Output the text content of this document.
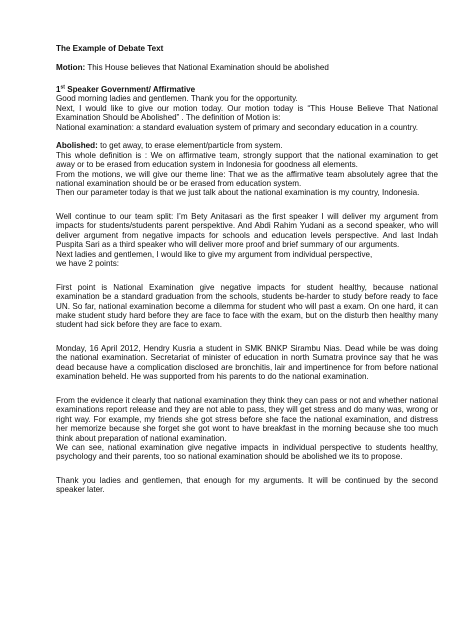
The Example of Debate Text

Motion: This House believes that National Examination should be abolished

1st Speaker Government/ Affirmative

Good morning ladies and gentlemen. Thank you for the opportunity.

Next, I would like to give our motion today. Our motion today is “This House Believe That National Examination Should be Abolished” . The definition of Motion is:

National examination: a standard evaluation system of primary and secondary education in a country.

Abolished: to get away, to erase element/particle from system.

This whole definition is : We on affirmative team, strongly support that the national examination to get away or to be erased from education system in Indonesia for goodness all elements.

From the motions, we will give our theme line: That we as the affirmative team absolutely agree that the national examination should be or be erased from education system.

Then our parameter today is that we just talk about the national examination is my country, Indonesia.

Well continue to our team split: I’m Bety Anitasari as the first speaker I will deliver my argument from impacts for students/students parent perspektive. And Abdi Rahim Yudani as a second speaker, who will deliver argument from negative impacts for schools and education levels perspective. And last Indah Puspita Sari as a third speaker who will deliver more proof and brief summary of our arguments.

Next ladies and gentlemen, I would like to give my argument from individual perspective,

we have 2 points:

First point is National Examination give negative impacts for student healthy, because national examination be a standard graduation from the schools, students be-harder to study before ready to face UN. So far, national examination become a dilemma for student who will past a exam. On one hard, it can make student study hard before they are face to face with the exam, but on the disturb then healthy many student had sick before they are face to exam.

Monday, 16 April 2012, Hendry Kusria a student in SMK BNKP Sirambu Nias. Dead while be was doing the national examination. Secretariat of minister of education in north Sumatra province say that he was dead because have a complication disclosed are bronchitis, lair and impertinence for from before national examination beheld. He was supported from his parents to do the national examination.

From the evidence it clearly that national examination they think they can pass or not and whether national examinations report release and they are not able to pass, they will get stress and do many was, wrong or right way. For example, my friends she got stress before she face the national examination, and distress her memorize because she forget she got wont to have breakfast in the morning because she too much think about preparation of national examination.

We can see, national examination give negative impacts in individual perspective to students healthy, psychology and their parents, too so national examination should be abolished we its to propose.

Thank you ladies and gentlemen, that enough for my arguments. It will be continued by the second speaker later.
